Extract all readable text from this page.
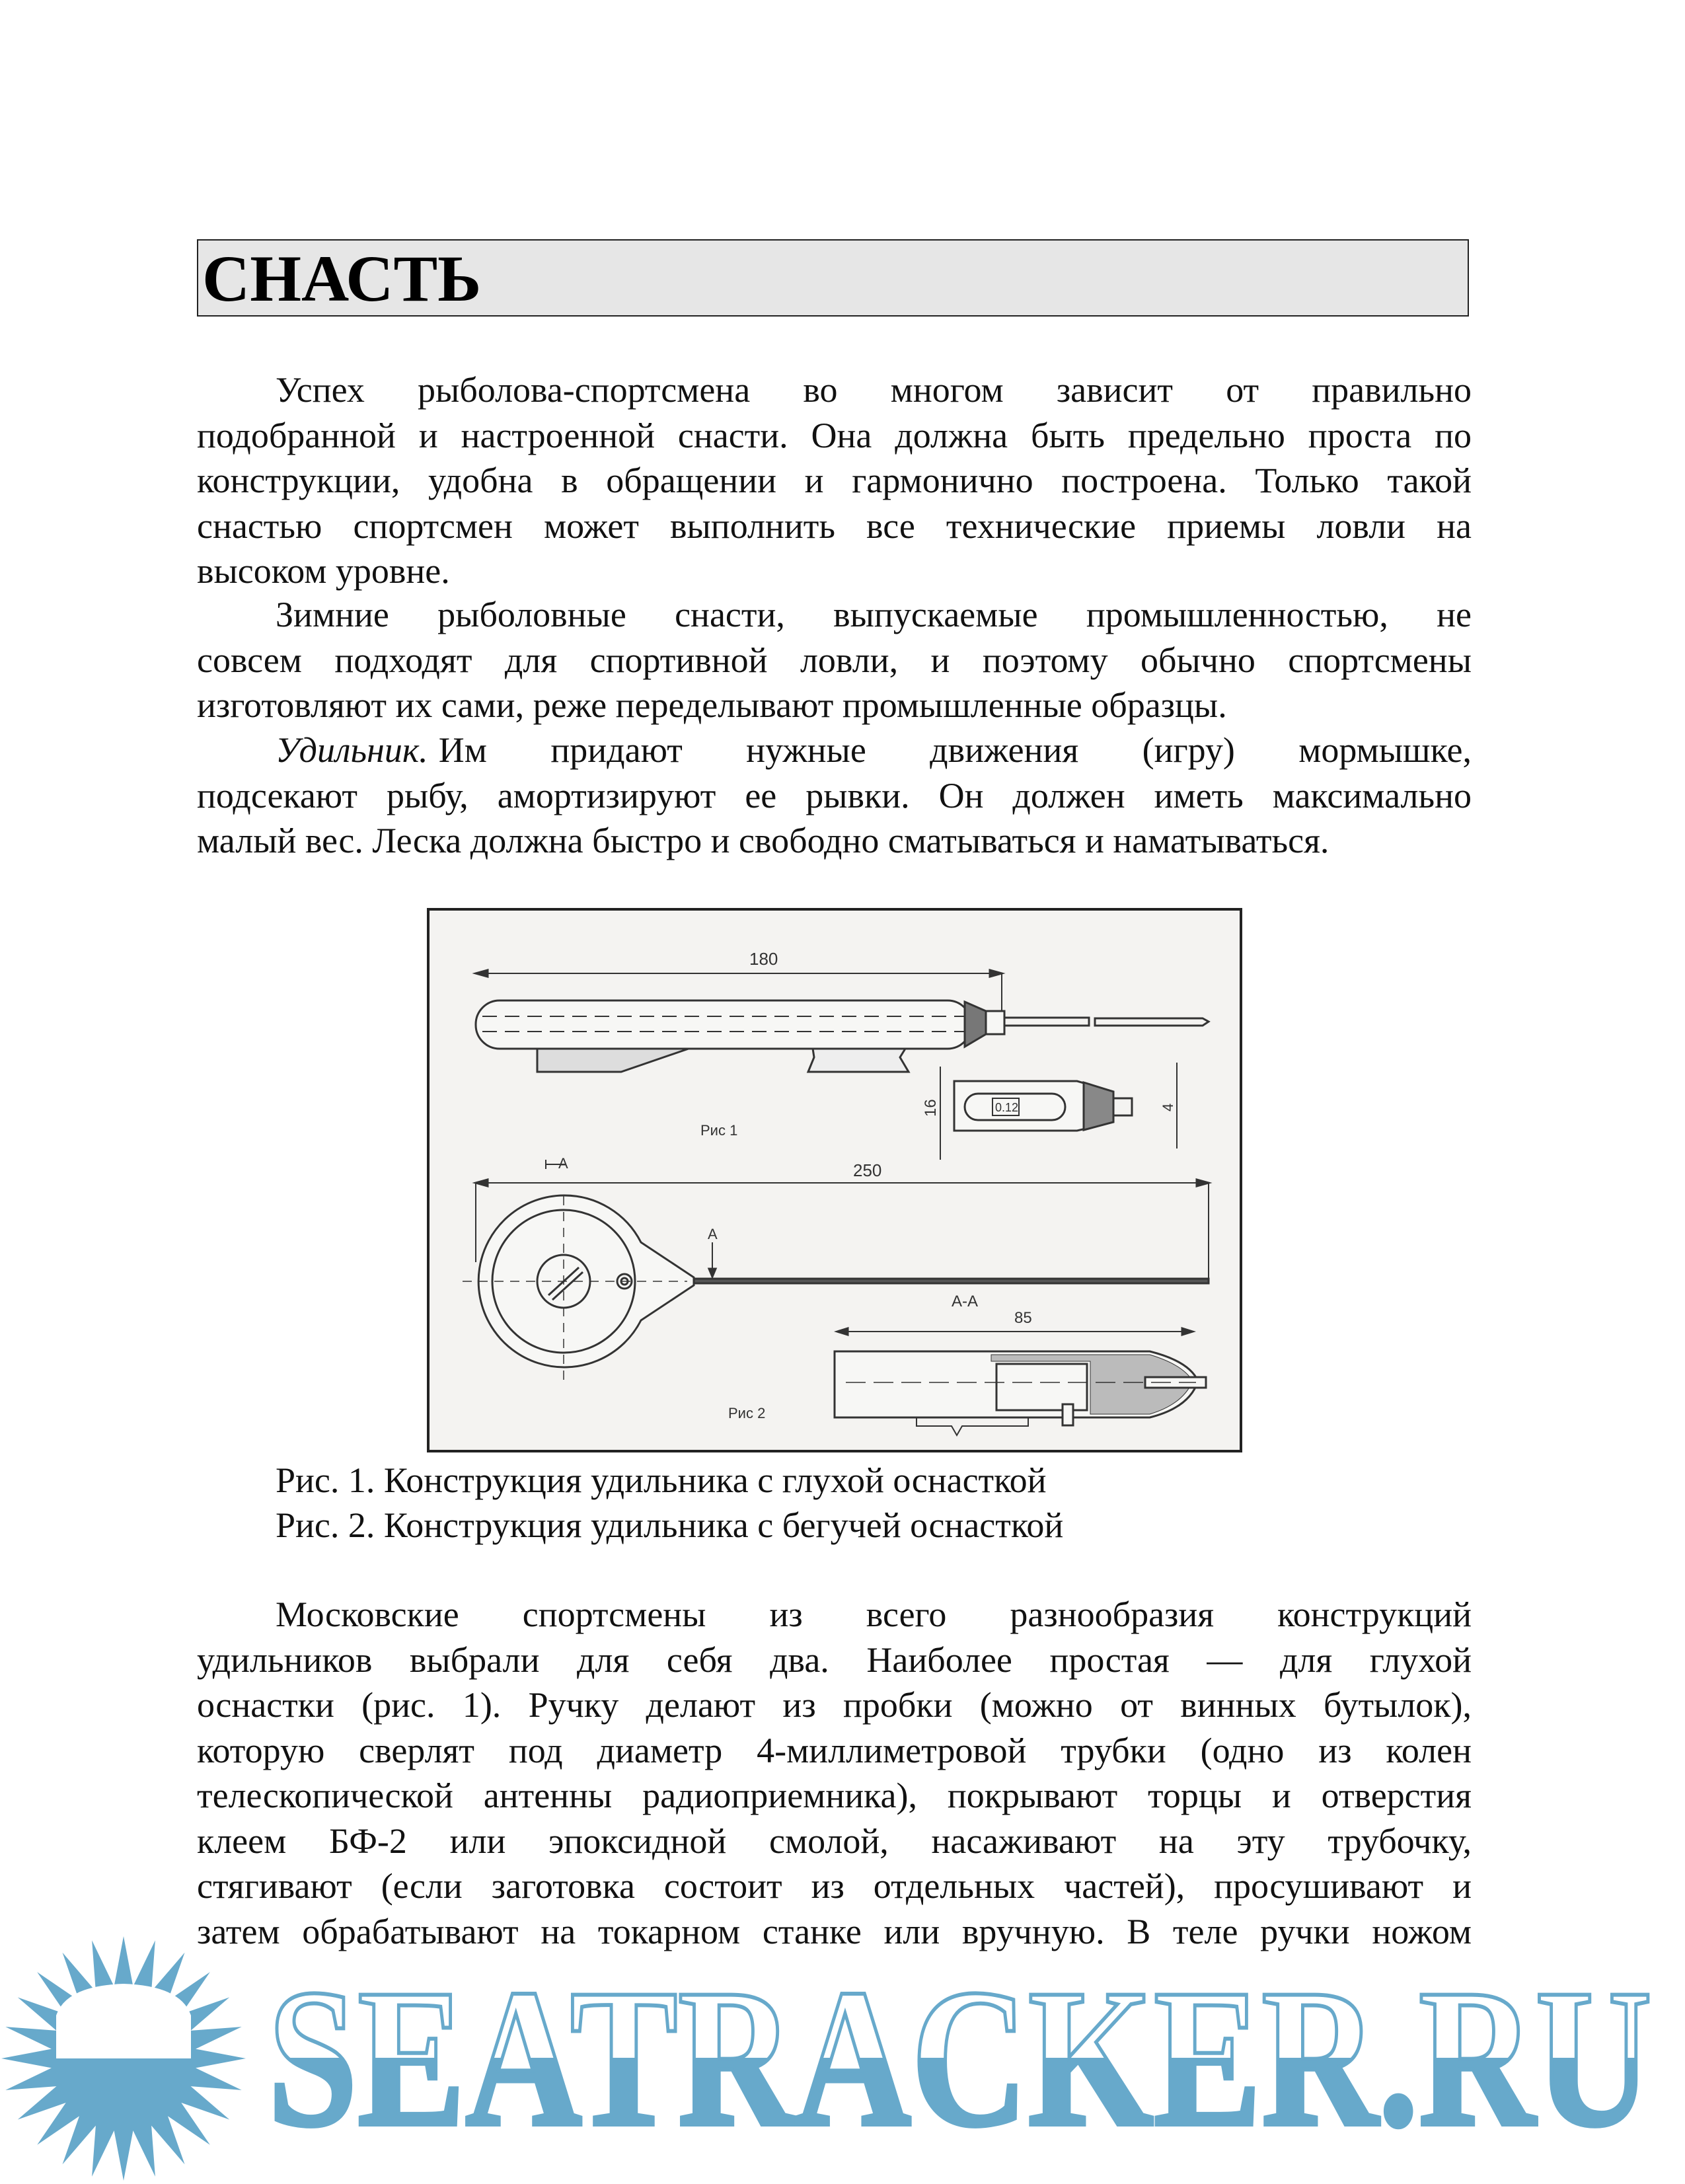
СНАСТЬ
Успех рыболова-спортсмена во многом зависит от правильно
подобранной и настроенной снасти. Она должна быть предельно проста по
конструкции, удобна в обращении и гармонично построена. Только такой
снастью спортсмен может выполнить все технические приемы ловли на
высоком уровне.
Зимние рыболовные снасти, выпускаемые промышленностью, не
совсем подходят для спортивной ловли, и поэтому обычно спортсмены
изготовляют их сами, реже переделывают промышленные образцы.
Удильник. Им придают нужные движения (игру) мормышке,
подсекают рыбу, амортизируют ее рывки. Он должен иметь максимально
малый вес. Леска должна быстро и свободно сматываться и наматываться.
180
0.12
16	4
Рис 1
A	250
A
Рис 2
A-A
85
Рис. 1. Конструкция удильника с глухой оснасткой
Рис. 2. Конструкция удильника с бегучей оснасткой
Московские спортсмены из всего разнообразия конструкций
удильников выбрали для себя два. Наиболее простая — для глухой
оснастки (рис. 1). Ручку делают из пробки (можно от винных бутылок),
которую сверлят под диаметр 4-миллиметровой трубки (одно из колен
телескопической антенны радиоприемника), покрывают торцы и отверстия
клеем БФ-2 или эпоксидной смолой, насаживают на эту трубочку,
стягивают (если заготовка состоит из отдельных частей), просушивают и
затем обрабатывают на токарном станке или вручную. В теле ручки ножом
SEATRACKER.RU
